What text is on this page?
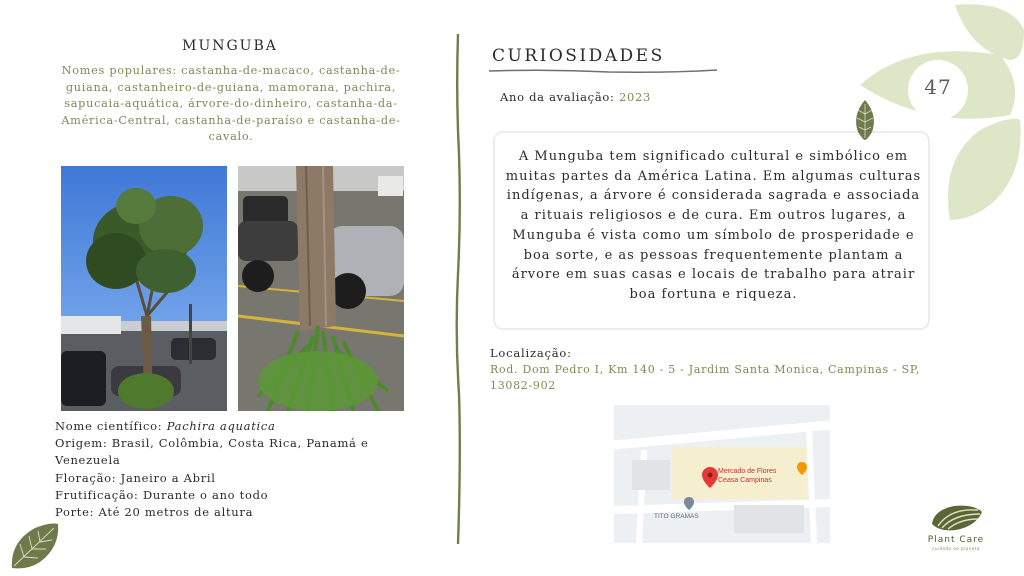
MUNGUBA
Nomes populares: castanha-de-macaco, castanha-de-guiana, castanheiro-de-guiana, mamorana, pachira, sapucaia-aquática, árvore-do-dinheiro, castanha-da-América-Central, castanha-de-paraíso e castanha-de-cavalo.

Nome científico: Pachira aquatica

Origem: Brasil, Colômbia, Costa Rica, Panamá e Venezuela

Floração: Janeiro a Abril

Frutificação: Durante o ano todo

Porte: Até 20 metros de altura

CURIOSIDADES
Ano da avaliação: 2023
A Munguba tem significado cultural e simbólico em muitas partes da América Latina. Em algumas culturas indígenas, a árvore é considerada sagrada e associada a rituais religiosos e de cura. Em outros lugares, a Munguba é vista como um símbolo de prosperidade e boa sorte, e as pessoas frequentemente plantam a árvore em suas casas e locais de trabalho para atrair boa fortuna e riqueza.
Localização:
Rod. Dom Pedro I, Km 140 - 5 - Jardim Santa Monica, Campinas - SP, 13082-902
Mercado de Flores
Ceasa Campinas
TITO GRAMAS
47
Plant Care
cuidado ao planeta
